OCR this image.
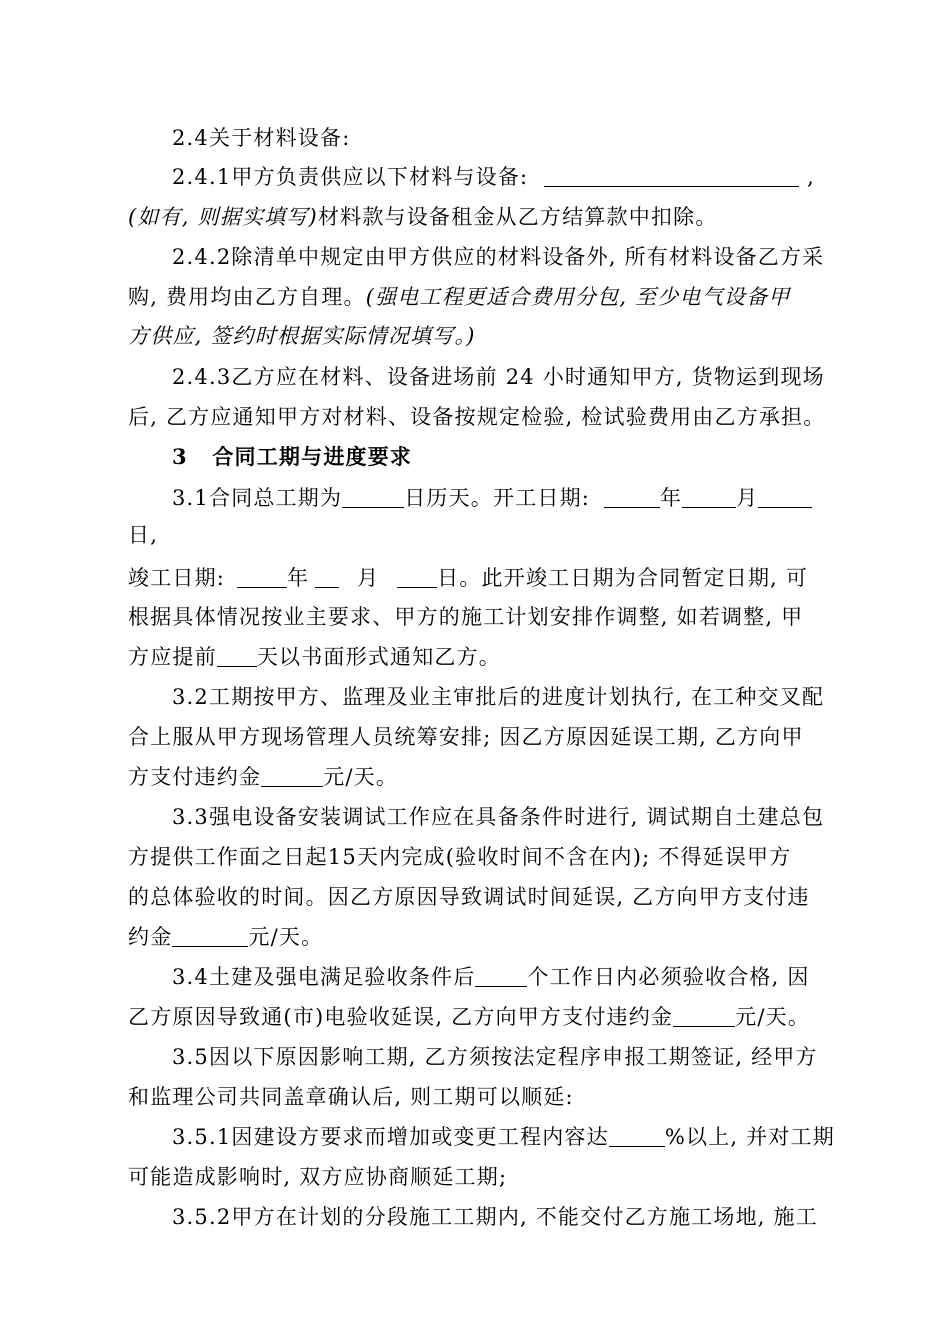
2.4关于材料设备:
2.4.1甲方负责供应以下材料与设备:	,
(如有, 则据实填写)材料款与设备租金从乙方结算款中扣除。
2.4.2除清单中规定由甲方供应的材料设备外, 所有材料设备乙方采
购, 费用均由乙方自理。(强电工程更适合费用分包, 至少电气设备甲
方供应, 签约时根据实际情况填写。)
2.4.3乙方应在材料、设备进场前 24 小时通知甲方, 货物运到现场
后, 乙方应通知甲方对材料、设备按规定检验, 检试验费用由乙方承担。
3 合同工期与进度要求
3.1合同总工期为	日历天。开工日期:	年	月
日,
竣工日期:	年 月	日。此开竣工日期为合同暂定日期, 可
根据具体情况按业主要求、甲方的施工计划安排作调整, 如若调整, 甲
方应提前 天以书面形式通知乙方。
3.2工期按甲方、监理及业主审批后的进度计划执行, 在工种交叉配
合上服从甲方现场管理人员统筹安排; 因乙方原因延误工期, 乙方向甲
方支付违约金	元/天。
3.3强电设备安装调试工作应在具备条件时进行, 调试期自土建总包
方提供工作面之日起15天内完成(验收时间不含在内); 不得延误甲方
的总体验收的时间。因乙方原因导致调试时间延误, 乙方向甲方支付违
约金	元/天。
3.4土建及强电满足验收条件后 个工作日内必须验收合格, 因
乙方原因导致通(市)电验收延误, 乙方向甲方支付违约金	元/天。
3.5因以下原因影响工期, 乙方须按法定程序申报工期签证, 经甲方
和监理公司共同盖章确认后, 则工期可以顺延:
3.5.1因建设方要求而增加或变更工程内容达	%以上, 并对工期
可能造成影响时, 双方应协商顺延工期;
3.5.2甲方在计划的分段施工工期内, 不能交付乙方施工场地, 施工
